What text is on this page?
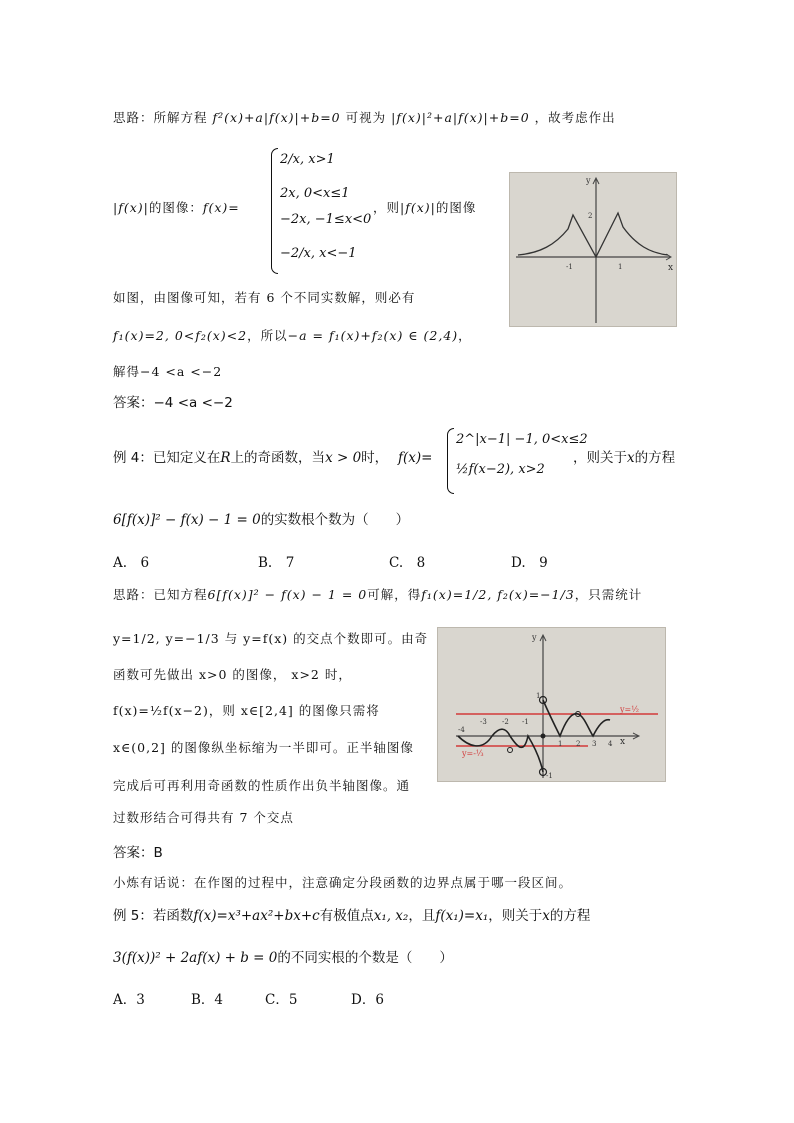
思路：所解方程 f²(x)+a|f(x)|+b=0 可视为 |f(x)|²+a|f(x)|+b=0 ，故考虑作出
|f(x)|的图像：f(x)=
2/x, x>1
2x, 0<x≤1
−2x, −1≤x<0
−2/x, x<−1
，则|f(x)|的图像
y
x
2
-1	1
如图，由图像可知，若有 6 个不同实数解，则必有
f₁(x)=2, 0<f₂(x)<2，所以−a = f₁(x)+f₂(x) ∈ (2,4)，
解得−4 <a <−2
答案：−4 <a <−2
例 4：已知定义在R上的奇函数，当x > 0时， f(x)=
2^|x−1| −1, 0<x≤2
½f(x−2), x>2
，则关于x的方程
6[f(x)]² − f(x) − 1 = 0的实数根个数为（　　）
A.　6	B.　7	C.　8	D.　9
思路：已知方程6[f(x)]² − f(x) − 1 = 0可解，得f₁(x)=1/2, f₂(x)=−1/3，只需统计
y=1/2, y=−1/3 与 y=f(x) 的交点个数即可。由奇
函数可先做出 x>0 的图像， x>2 时，
f(x)=½f(x−2)，则 x∈[2,4] 的图像只需将
x∈(0,2] 的图像纵坐标缩为一半即可。正半轴图像
完成后可再利用奇函数的性质作出负半轴图像。通
过数形结合可得共有 7 个交点
y
x
y=½
y=-⅓
-4
-3 -2 -1
1 2 3 4
1
-1
答案：B
小炼有话说：在作图的过程中，注意确定分段函数的边界点属于哪一段区间。
例 5：若函数f(x)=x³+ax²+bx+c有极值点x₁, x₂，且f(x₁)=x₁，则关于x的方程
3(f(x))² + 2af(x) + b = 0的不同实根的个数是（　　）
A．3	B．4	C．5	D．6
